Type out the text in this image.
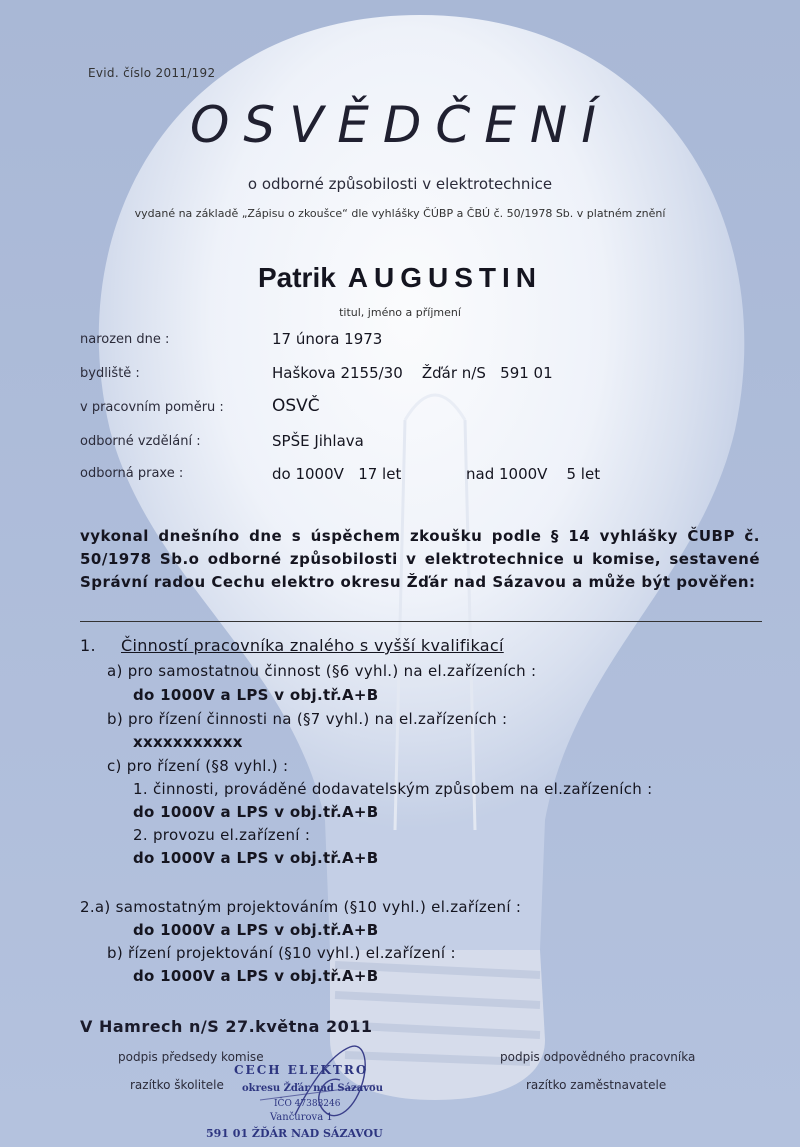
Evid. číslo 2011/192
OSVĚDČENÍ
o odborné způsobilosti v elektrotechnice
vydané na základě „Zápisu o zkoušce“ dle vyhlášky ČÚBP a ČBÚ č. 50/1978 Sb. v platném znění
Patrik AUGUSTIN
titul, jméno a příjmení
narozen dne :	17 února 1973
bydliště :	Haškova 2155/30    Žďár n/S   591 01
v pracovním poměru :	OSVČ
odborné vzdělání :	SPŠE Jihlava
odborná praxe :	do 1000V   17 let	nad 1000V    5 let
vykonal dnešního dne s úspěchem zkoušku podle § 14 vyhlášky ČUBP č. 50/1978 Sb.o odborné způsobilosti v elektrotechnice u komise, sestavené Správní radou Cechu elektro okresu Žďár nad Sázavou a může být pověřen:
1. Činností pracovníka znalého s vyšší kvalifikací
a) pro samostatnou činnost (§6 vyhl.) na el.zařízeních :
do 1000V a LPS v obj.tř.A+B
b) pro řízení činnosti na (§7 vyhl.) na el.zařízeních :
xxxxxxxxxxx
c) pro řízení (§8 vyhl.) :
1. činnosti, prováděné dodavatelským způsobem na el.zařízeních :
do 1000V a LPS v obj.tř.A+B
2. provozu el.zařízení :
do 1000V a LPS v obj.tř.A+B
2.a) samostatným projektováním (§10 vyhl.) el.zařízení :
do 1000V a LPS v obj.tř.A+B
b) řízení projektování (§10 vyhl.) el.zařízení :
do 1000V a LPS v obj.tř.A+B
V Hamrech n/S 27.května 2011
podpis předsedy komise
razítko školitele
podpis odpovědného pracovníka
razítko zaměstnavatele
CECH ELEKTRO
okresu Žďár nad Sázavou
IČO 47383246
Vančurova 1
591 01 ŽĎÁR NAD SÁZAVOU
